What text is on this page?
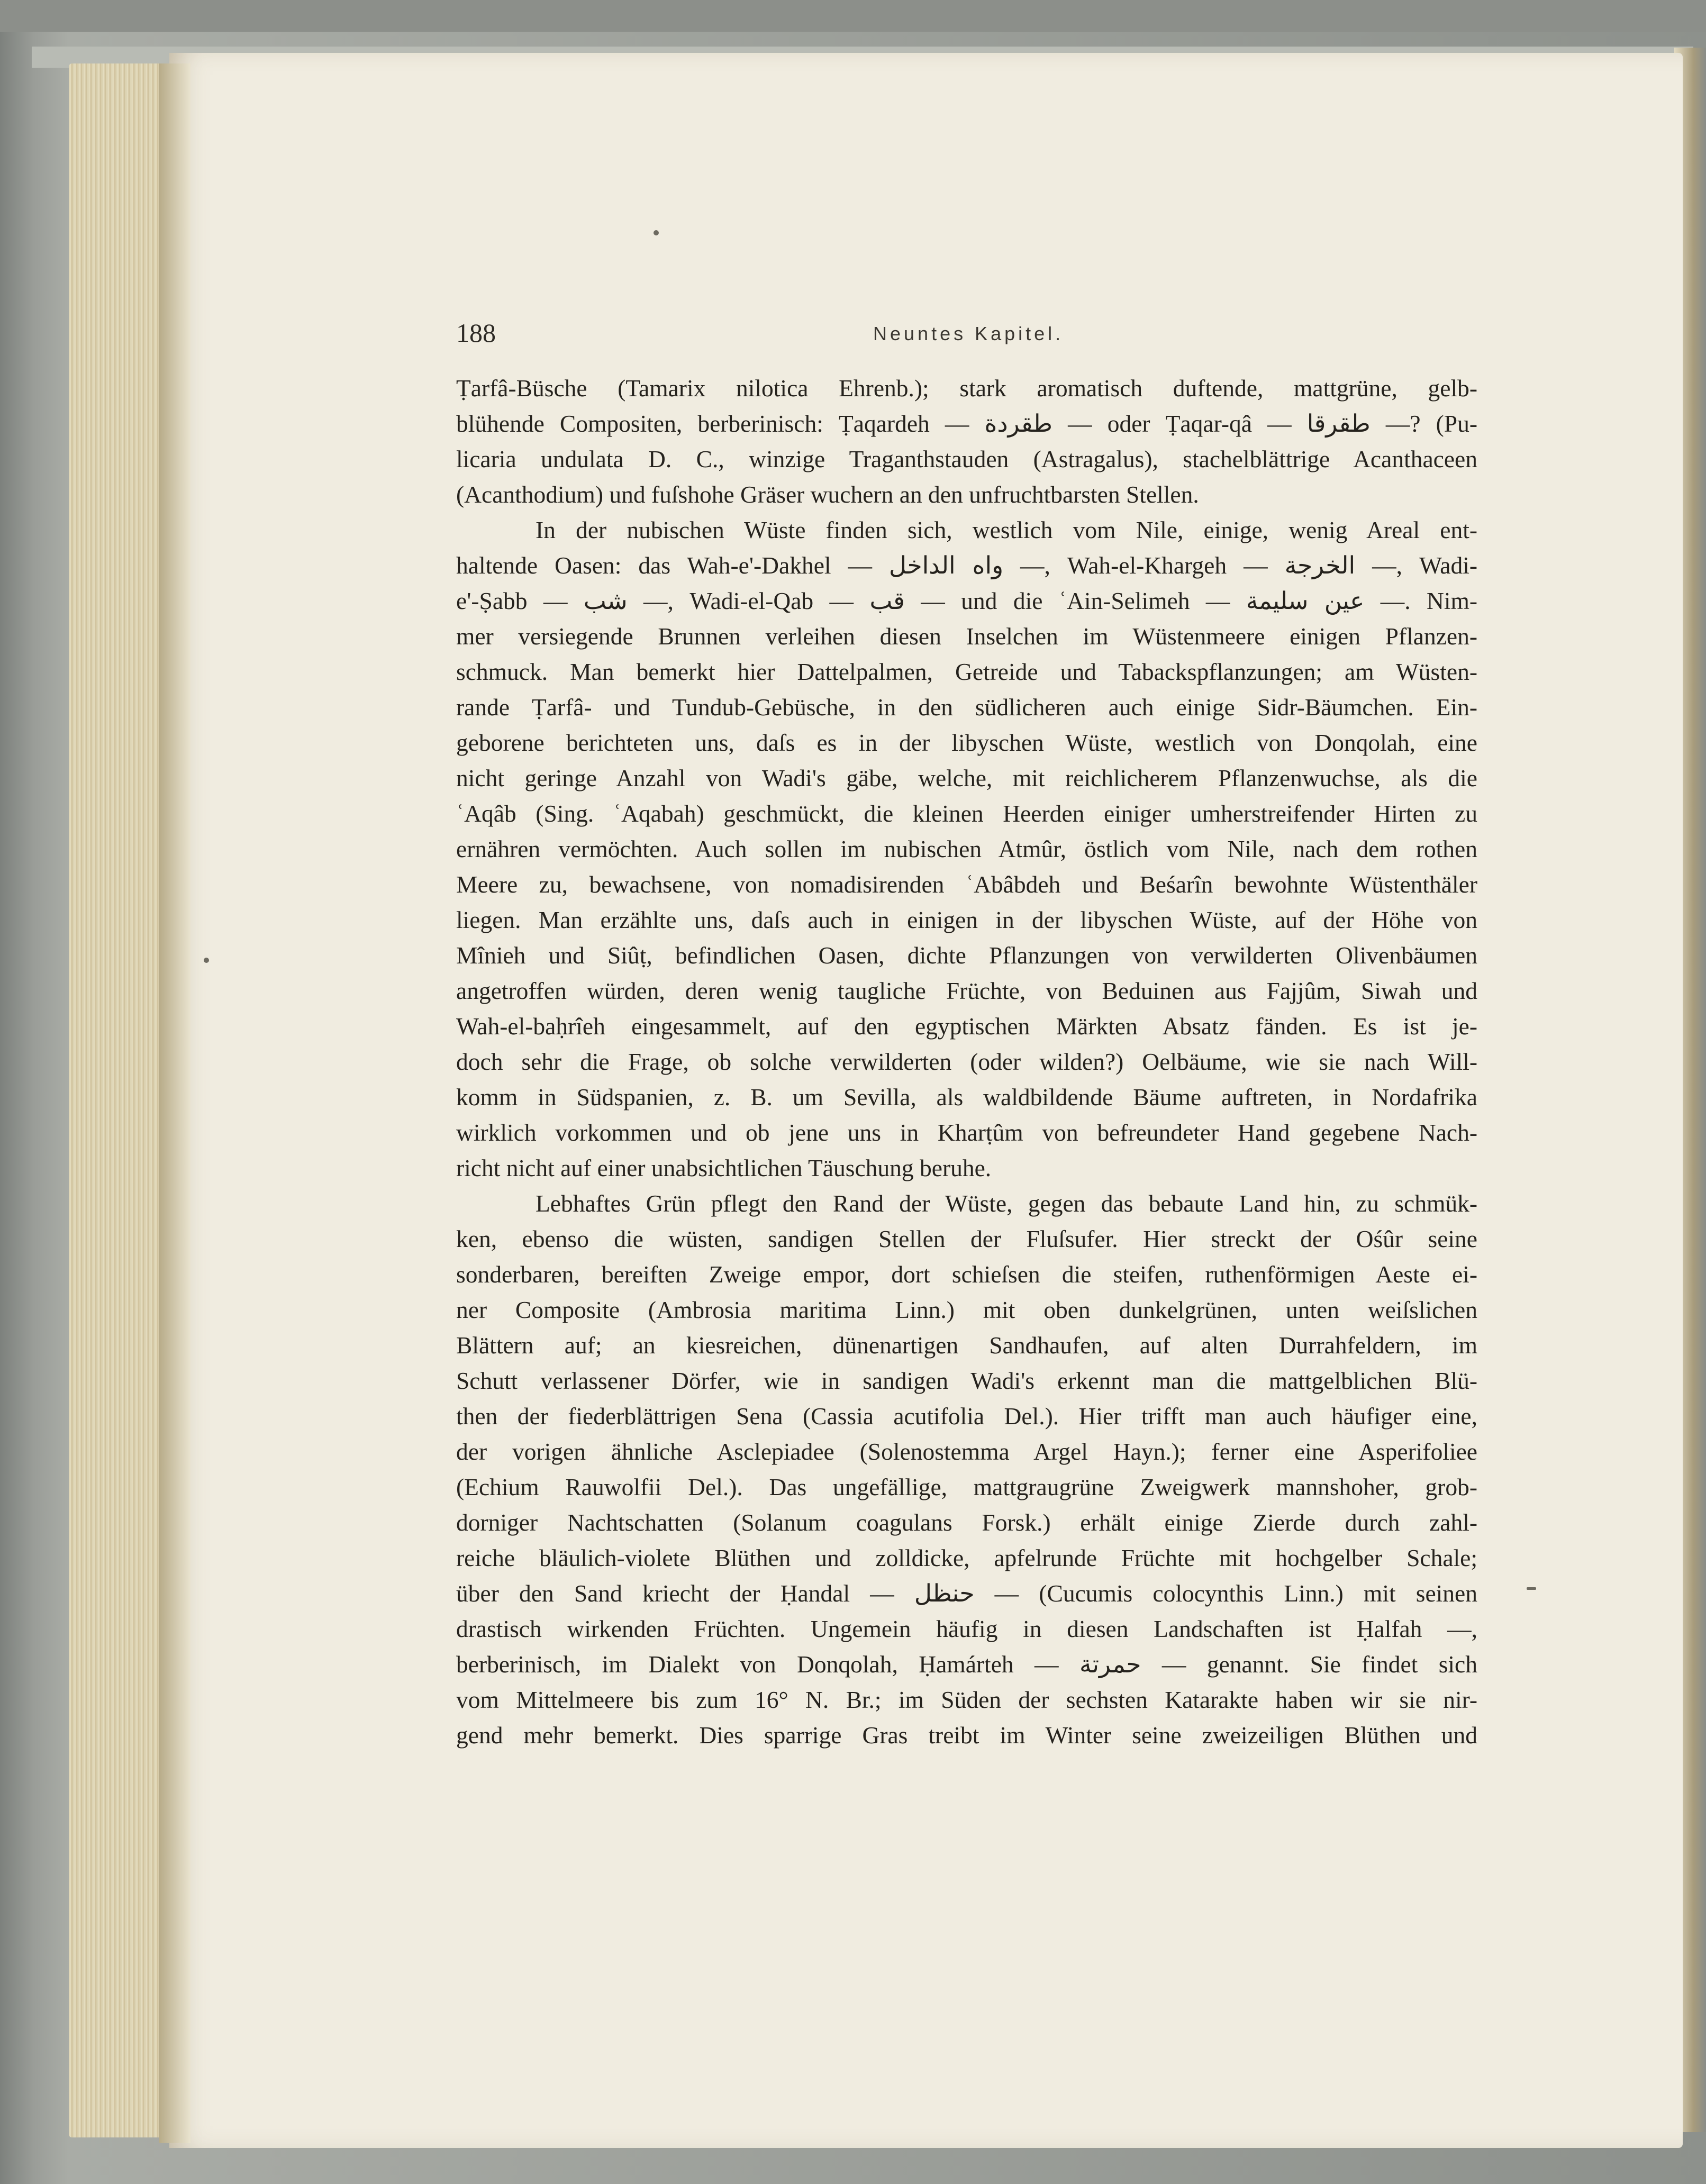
188	Neuntes Kapitel.
Ṭarfâ-Büsche (Tamarix nilotica Ehrenb.); stark aromatisch duftende, mattgrüne, gelb-
blühende Compositen, berberinisch: Ṭaqardeh — طقردة — oder Ṭaqar-qâ — طقرقا —? (Pu-
licaria undulata D. C., winzige Traganthstauden (Astragalus), stachelblättrige Acanthaceen
(Acanthodium) und fuſshohe Gräser wuchern an den unfruchtbarsten Stellen.
In der nubischen Wüste finden sich, westlich vom Nile, einige, wenig Areal ent-
haltende Oasen: das Wah-e'-Dakhel — واه الداخل —, Wah-el-Khargeh — الخرجة —, Wadi-
e'-Ṣabb — شب —, Wadi-el-Qab — قب — und die ʿAin-Selimeh — عين سليمة —. Nim-
mer versiegende Brunnen verleihen diesen Inselchen im Wüstenmeere einigen Pflanzen-
schmuck. Man bemerkt hier Dattelpalmen, Getreide und Tabackspflanzungen; am Wüsten-
rande Ṭarfâ- und Tundub-Gebüsche, in den südlicheren auch einige Sidr-Bäumchen. Ein-
geborene berichteten uns, daſs es in der libyschen Wüste, westlich von Donqolah, eine
nicht geringe Anzahl von Wadi's gäbe, welche, mit reichlicherem Pflanzenwuchse, als die
ʿAqâb (Sing. ʿAqabah) geschmückt, die kleinen Heerden einiger umherstreifender Hirten zu
ernähren vermöchten. Auch sollen im nubischen Atmûr, östlich vom Nile, nach dem rothen
Meere zu, bewachsene, von nomadisirenden ʿAbâbdeh und Beśarîn bewohnte Wüstenthäler
liegen. Man erzählte uns, daſs auch in einigen in der libyschen Wüste, auf der Höhe von
Mînieh und Siûṭ, befindlichen Oasen, dichte Pflanzungen von verwilderten Olivenbäumen
angetroffen würden, deren wenig taugliche Früchte, von Beduinen aus Fajjûm, Siwah und
Wah-el-baḥrîeh eingesammelt, auf den egyptischen Märkten Absatz fänden. Es ist je-
doch sehr die Frage, ob solche verwilderten (oder wilden?) Oelbäume, wie sie nach Will-
komm in Südspanien, z. B. um Sevilla, als waldbildende Bäume auftreten, in Nordafrika
wirklich vorkommen und ob jene uns in Kharṭûm von befreundeter Hand gegebene Nach-
richt nicht auf einer unabsichtlichen Täuschung beruhe.
Lebhaftes Grün pflegt den Rand der Wüste, gegen das bebaute Land hin, zu schmük-
ken, ebenso die wüsten, sandigen Stellen der Fluſsufer. Hier streckt der Ośûr seine
sonderbaren, bereiften Zweige empor, dort schieſsen die steifen, ruthenförmigen Aeste ei-
ner Composite (Ambrosia maritima Linn.) mit oben dunkelgrünen, unten weiſslichen
Blättern auf; an kiesreichen, dünenartigen Sandhaufen, auf alten Durrahfeldern, im
Schutt verlassener Dörfer, wie in sandigen Wadi's erkennt man die mattgelblichen Blü-
then der fiederblättrigen Sena (Cassia acutifolia Del.). Hier trifft man auch häufiger eine,
der vorigen ähnliche Asclepiadee (Solenostemma Argel Hayn.); ferner eine Asperifoliee
(Echium Rauwolfii Del.). Das ungefällige, mattgraugrüne Zweigwerk mannshoher, grob-
dorniger Nachtschatten (Solanum coagulans Forsk.) erhält einige Zierde durch zahl-
reiche bläulich-violete Blüthen und zolldicke, apfelrunde Früchte mit hochgelber Schale;
über den Sand kriecht der Ḥandal — حنظل — (Cucumis colocynthis Linn.) mit seinen
drastisch wirkenden Früchten. Ungemein häufig in diesen Landschaften ist Ḥalfah —,
berberinisch, im Dialekt von Donqolah, Ḥamárteh — حمرتة — genannt. Sie findet sich
vom Mittelmeere bis zum 16° N. Br.; im Süden der sechsten Katarakte haben wir sie nir-
gend mehr bemerkt. Dies sparrige Gras treibt im Winter seine zweizeiligen Blüthen und
